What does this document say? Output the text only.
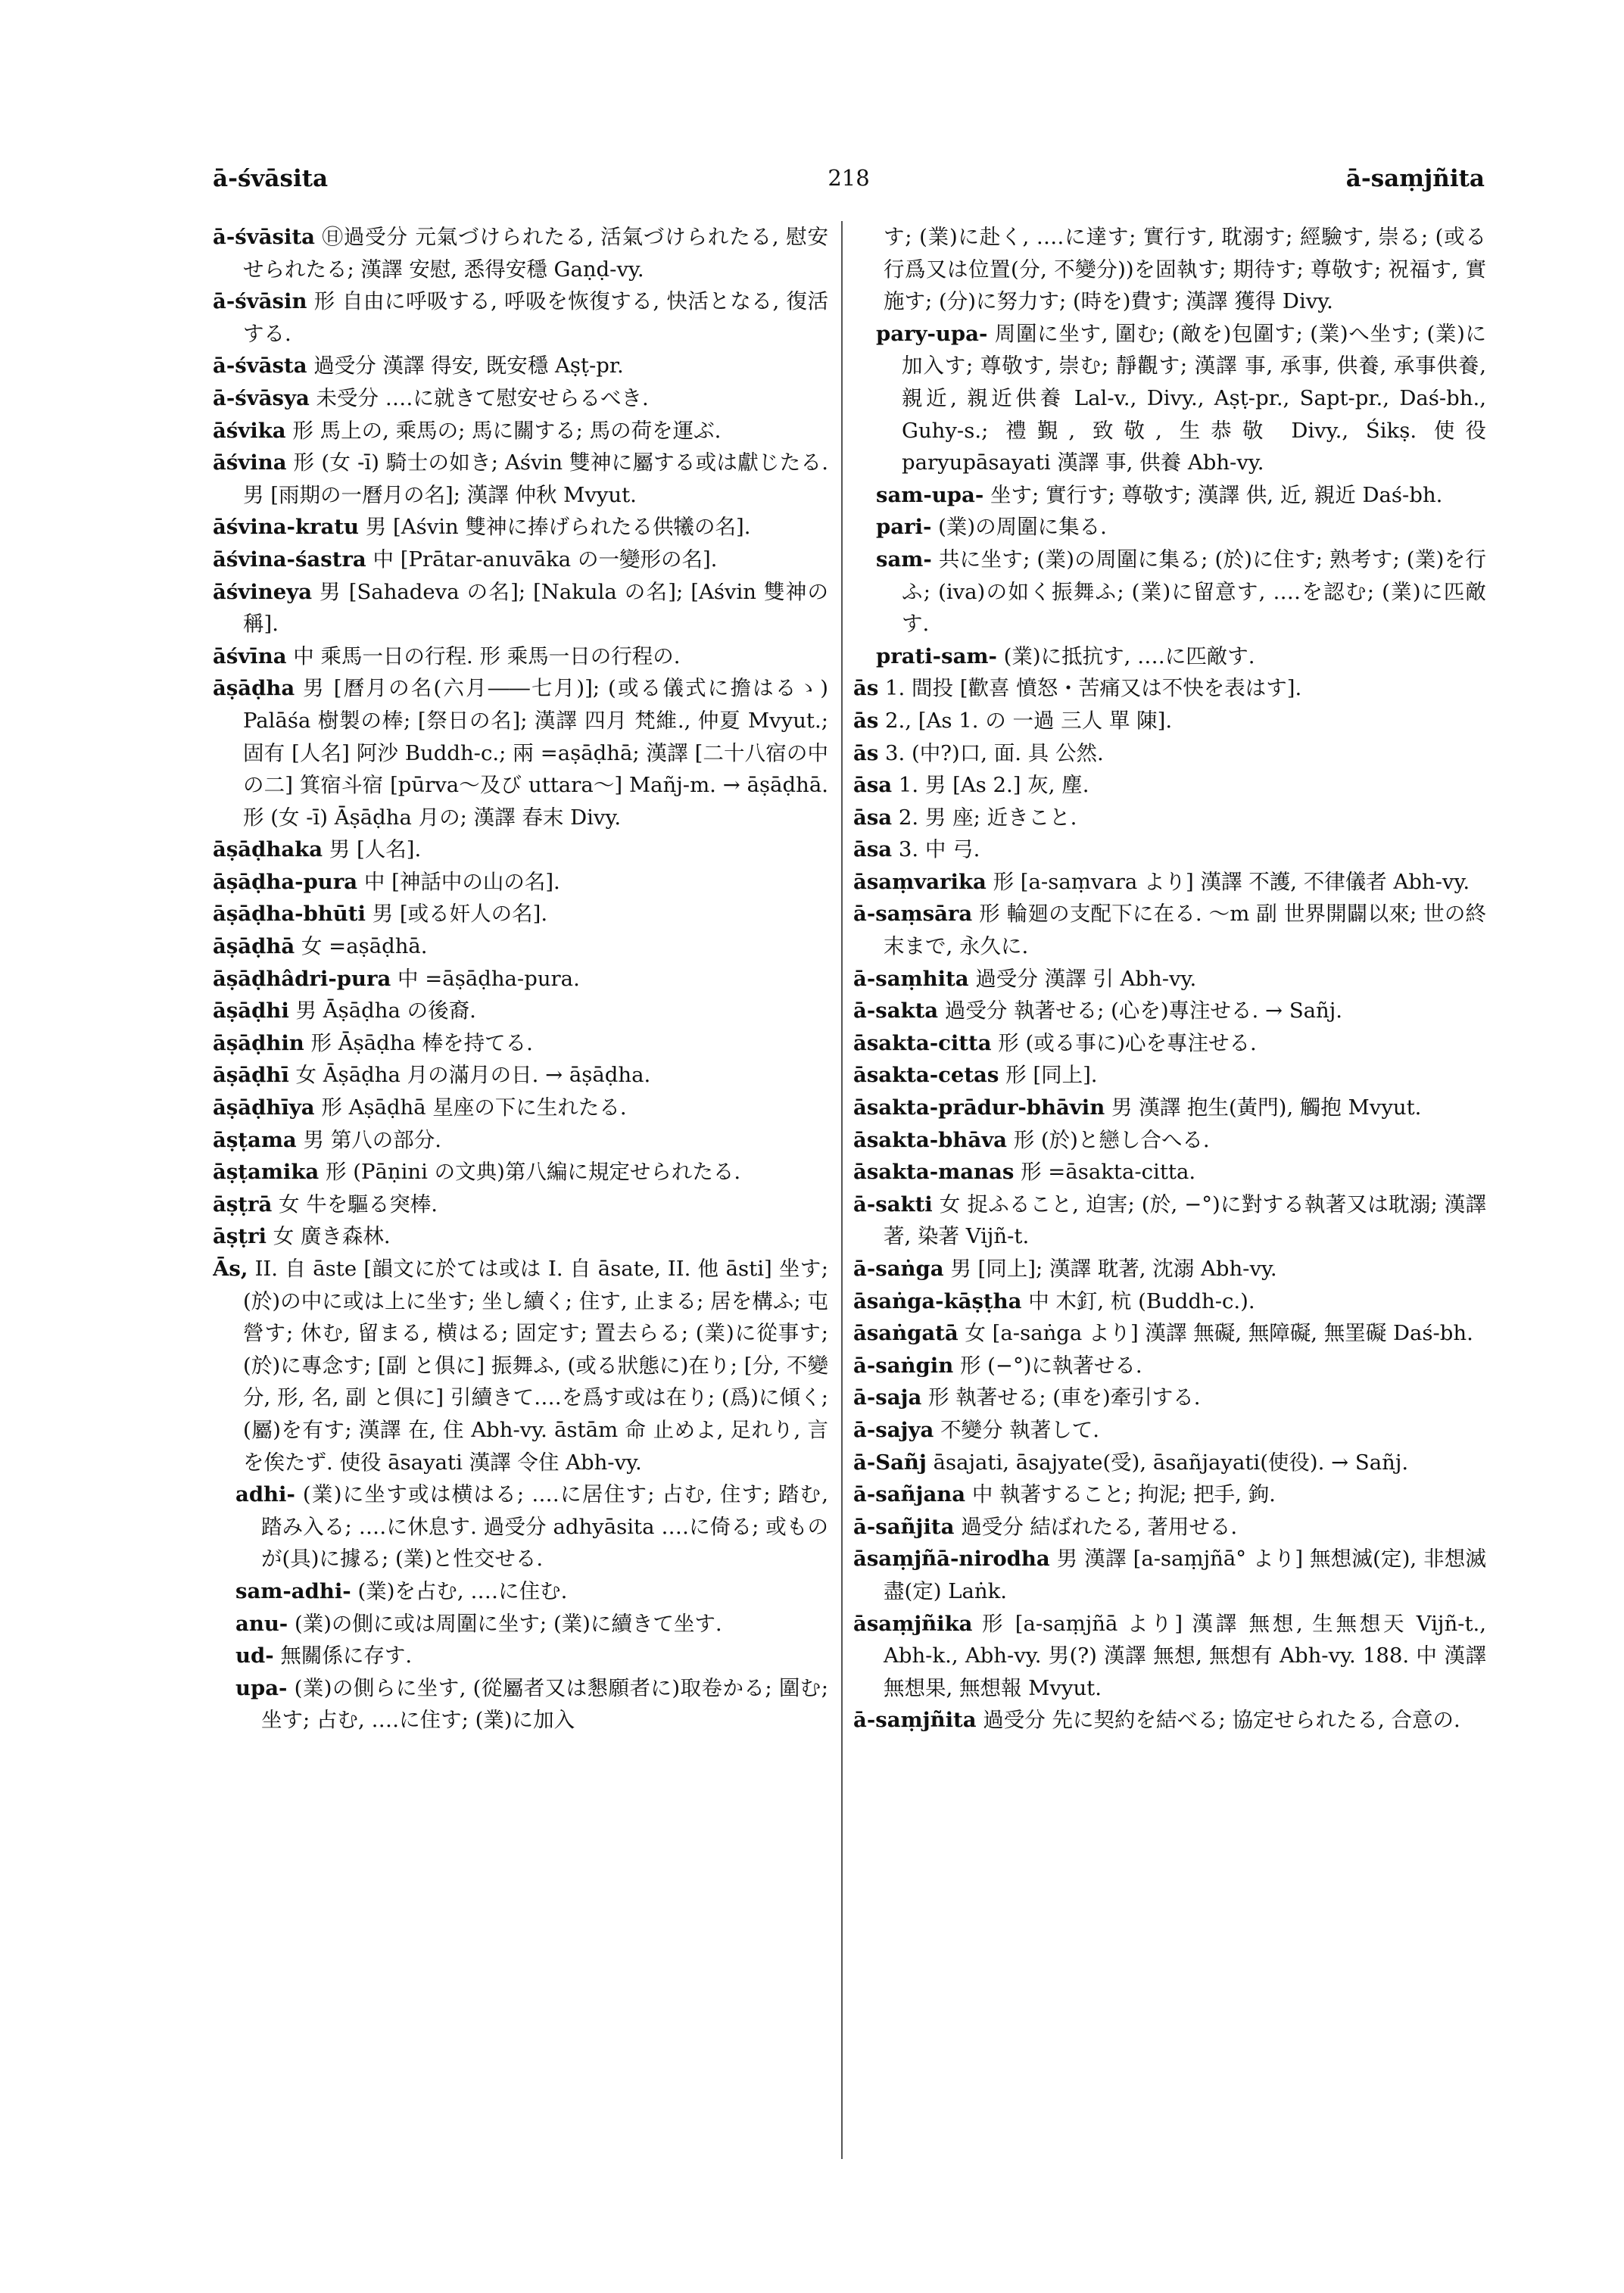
ā-śvāsita	218	ā-saṃjñita

ā-śvāsita ㊐過受分 元氣づけられたる, 活氣づけられたる, 慰安せられたる; 漢譯 安慰, 悉得安穩 Gaṇḍ-vy.

ā-śvāsin 形 自由に呼吸する, 呼吸を恢復する, 快活となる, 復活する.

ā-śvāsta 過受分 漢譯 得安, 既安穩 Aṣṭ-pr.

ā-śvāsya 未受分 ‥‥に就きて慰安せらるべき.

āśvika 形 馬上の, 乘馬の; 馬に關する; 馬の荷を運ぶ.

āśvina 形 (女 -ī) 騎士の如き; Aśvin 雙神に屬する或は獻じたる. 男 [雨期の一曆月の名]; 漢譯 仲秋 Mvyut.

āśvina-kratu 男 [Aśvin 雙神に捧げられたる供犧の名].

āśvina-śastra 中 [Prātar-anuvāka の一變形の名].

āśvineya 男 [Sahadeva の名]; [Nakula の名]; [Aśvin 雙神の稱].

āśvīna 中 乘馬一日の行程. 形 乘馬一日の行程の.

āṣāḍha 男 [曆月の名(六月――七月)]; (或る儀式に擔はるゝ) Palāśa 樹製の棒; [祭日の名]; 漢譯 四月 梵維., 仲夏 Mvyut.; 固有 [人名] 阿沙 Buddh-c.; 兩 =aṣāḍhā; 漢譯 [二十八宿の中の二] 箕宿斗宿 [pūrva〜及び uttara〜] Mañj-m. → āṣāḍhā. 形 (女 -ī) Āṣāḍha 月の; 漢譯 春末 Divy.

āṣāḍhaka 男 [人名].

āṣāḍha-pura 中 [神話中の山の名].

āṣāḍha-bhūti 男 [或る奸人の名].

āṣāḍhā 女 =aṣāḍhā.

āṣāḍhâdri-pura 中 =āṣāḍha-pura.

āṣāḍhi 男 Āṣāḍha の後裔.

āṣāḍhin 形 Āṣāḍha 棒を持てる.

āṣāḍhī 女 Āṣāḍha 月の滿月の日. → āṣāḍha.

āṣāḍhīya 形 Aṣāḍhā 星座の下に生れたる.

āṣṭama 男 第八の部分.

āṣṭamika 形 (Pāṇini の文典)第八編に規定せられたる.

āṣṭrā 女 牛を驅る突棒.

āṣṭri 女 廣き森林.

Ās, II. 自 āste [韻文に於ては或は I. 自 āsate, II. 他 āsti] 坐す; (於)の中に或は上に坐す; 坐し續く; 住す, 止まる; 居を構ふ; 屯營す; 休む, 留まる, 横はる; 固定す; 置去らる; (業)に從事す; (於)に專念す; [副 と俱に] 振舞ふ, (或る狀態に)在り; [分, 不變分, 形, 名, 副 と俱に] 引續きて‥‥を爲す或は在り; (爲)に傾く; (屬)を有す; 漢譯 在, 住 Abh-vy. āstām 命 止めよ, 足れり, 言を俟たず. 使役 āsayati 漢譯 令住 Abh-vy.

adhi- (業)に坐す或は横はる; ‥‥に居住す; 占む, 住す; 踏む, 踏み入る; ‥‥に休息す. 過受分 adhyāsita ‥‥に倚る; 或ものが(具)に據る; (業)と性交せる.

sam-adhi- (業)を占む, ‥‥に住む.

anu- (業)の側に或は周圍に坐す; (業)に續きて坐す.

ud- 無關係に存す.

upa- (業)の側らに坐す, (從屬者又は懇願者に)取卷かる; 圍む; 坐す; 占む, ‥‥に住す; (業)に加入

す; (業)に赴く, ‥‥に達す; 實行す, 耽溺す; 經驗す, 崇る; (或る行爲又は位置(分, 不變分))を固執す; 期待す; 尊敬す; 祝福す, 實施す; (分)に努力す; (時を)費す; 漢譯 獲得 Divy.

pary-upa- 周圍に坐す, 圍む; (敵を)包圍す; (業)へ坐す; (業)に加入す; 尊敬す, 崇む; 靜觀す; 漢譯 事, 承事, 供養, 承事供養, 親近, 親近供養 Lal-v., Divy., Aṣṭ-pr., Sapt-pr., Daś-bh., Guhy-s.; 禮覲, 致敬, 生恭敬 Divy., Śikṣ. 使役 paryupāsayati 漢譯 事, 供養 Abh-vy.

sam-upa- 坐す; 實行す; 尊敬す; 漢譯 供, 近, 親近 Daś-bh.

pari- (業)の周圍に集る.

sam- 共に坐す; (業)の周圍に集る; (於)に住す; 熟考す; (業)を行ふ; (iva)の如く振舞ふ; (業)に留意す, ‥‥を認む; (業)に匹敵す.

prati-sam- (業)に抵抗す, ‥‥に匹敵す.

ās 1. 間投 [歡喜 憤怒・苦痛又は不快を表はす].

ās 2., [As 1. の 一過 三人 單 陳].

ās 3. (中?)口, 面. 具 公然.

āsa 1. 男 [As 2.] 灰, 塵.

āsa 2. 男 座; 近きこと.

āsa 3. 中 弓.

āsaṃvarika 形 [a-saṃvara より] 漢譯 不護, 不律儀者 Abh-vy.

ā-saṃsāra 形 輪廻の支配下に在る. 〜m 副 世界開闢以來; 世の終末まで, 永久に.

ā-saṃhita 過受分 漢譯 引 Abh-vy.

ā-sakta 過受分 執著せる; (心を)專注せる. → Sañj.

āsakta-citta 形 (或る事に)心を專注せる.

āsakta-cetas 形 [同上].

āsakta-prādur-bhāvin 男 漢譯 抱生(黃門), 觸抱 Mvyut.

āsakta-bhāva 形 (於)と戀し合へる.

āsakta-manas 形 =āsakta-citta.

ā-sakti 女 捉ふること, 迫害; (於, −°)に對する執著又は耽溺; 漢譯 著, 染著 Vijñ-t.

ā-saṅga 男 [同上]; 漢譯 耽著, 沈溺 Abh-vy.

āsaṅga-kāṣṭha 中 木釘, 杭 (Buddh-c.).

āsaṅgatā 女 [a-saṅga より] 漢譯 無礙, 無障礙, 無罣礙 Daś-bh.

ā-saṅgin 形 (−°)に執著せる.

ā-saja 形 執著せる; (車を)牽引する.

ā-sajya 不變分 執著して.

ā-Sañj āsajati, āsajyate(受), āsañjayati(使役). → Sañj.

ā-sañjana 中 執著すること; 拘泥; 把手, 鉤.

ā-sañjita 過受分 結ばれたる, 著用せる.

āsaṃjñā-nirodha 男 漢譯 [a-saṃjñā° より] 無想滅(定), 非想滅盡(定) Laṅk.

āsaṃjñika 形 [a-saṃjñā より] 漢譯 無想, 生無想天 Vijñ-t., Abh-k., Abh-vy. 男(?) 漢譯 無想, 無想有 Abh-vy. 188. 中 漢譯 無想果, 無想報 Mvyut.

ā-saṃjñita 過受分 先に契約を結べる; 協定せられたる, 合意の.
